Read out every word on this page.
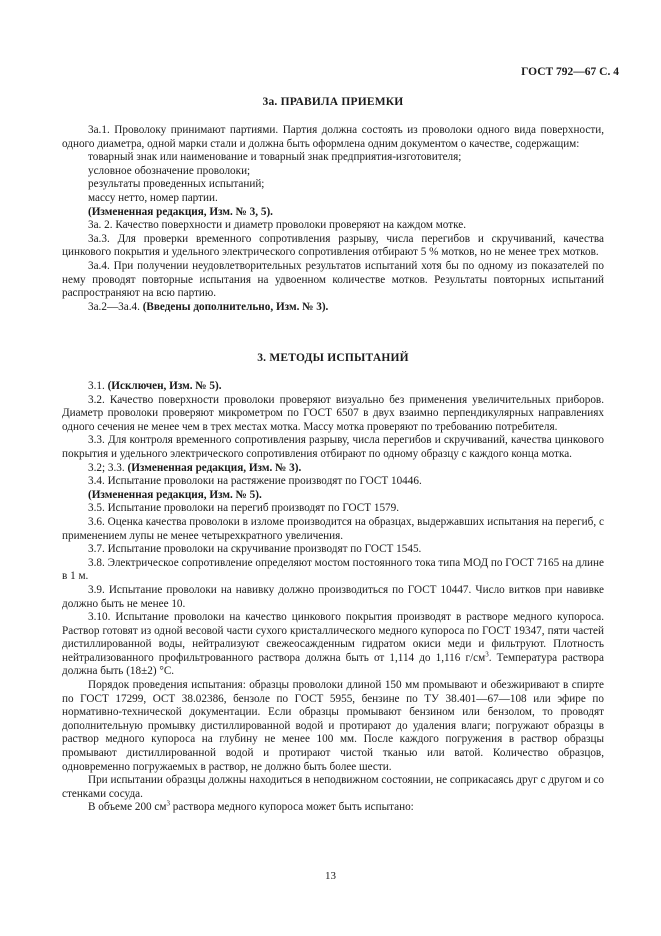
ГОСТ 792—67 С. 4
3а. ПРАВИЛА ПРИЕМКИ

3а.1. Проволоку принимают партиями. Партия должна состоять из проволоки одного вида поверхности, одного диаметра, одной марки стали и должна быть оформлена одним документом о качестве, содержащим:

товарный знак или наименование и товарный знак предприятия-изготовителя;

условное обозначение проволоки;

результаты проведенных испытаний;

массу нетто, номер партии.

(Измененная редакция, Изм. № 3, 5).

3а. 2. Качество поверхности и диаметр проволоки проверяют на каждом мотке.

3а.3. Для проверки временного сопротивления разрыву, числа перегибов и скручиваний, качества цинкового покрытия и удельного электрического сопротивления отбирают 5 % мотков, но не менее трех мотков.

3а.4. При получении неудовлетворительных результатов испытаний хотя бы по одному из показателей по нему проводят повторные испытания на удвоенном количестве мотков. Результаты повторных испытаний распространяют на всю партию.

3а.2—3а.4. (Введены дополнительно, Изм. № 3).

3. МЕТОДЫ ИСПЫТАНИЙ

3.1. (Исключен, Изм. № 5).

3.2. Качество поверхности проволоки проверяют визуально без применения увеличительных приборов. Диаметр проволоки проверяют микрометром по ГОСТ 6507 в двух взаимно перпендикулярных направлениях одного сечения не менее чем в трех местах мотка. Массу мотка проверяют по требованию потребителя.

3.3. Для контроля временного сопротивления разрыву, числа перегибов и скручиваний, качества цинкового покрытия и удельного электрического сопротивления отбирают по одному образцу с каждого конца мотка.

3.2; 3.3. (Измененная редакция, Изм. № 3).

3.4. Испытание проволоки на растяжение производят по ГОСТ 10446.

(Измененная редакция, Изм. № 5).

3.5. Испытание проволоки на перегиб производят по ГОСТ 1579.

3.6. Оценка качества проволоки в изломе производится на образцах, выдержавших испытания на перегиб, с применением лупы не менее четырехкратного увеличения.

3.7. Испытание проволоки на скручивание производят по ГОСТ 1545.

3.8. Электрическое сопротивление определяют мостом постоянного тока типа МОД по ГОСТ 7165 на длине в 1 м.

3.9. Испытание проволоки на навивку должно производиться по ГОСТ 10447. Число витков при навивке должно быть не менее 10.

3.10. Испытание проволоки на качество цинкового покрытия производят в растворе медного купороса. Раствор готовят из одной весовой части сухого кристаллического медного купороса по ГОСТ 19347, пяти частей дистиллированной воды, нейтрализуют свежеосажденным гидратом окиси меди и фильтруют. Плотность нейтрализованного профильтрованного раствора должна быть от 1,114 до 1,116 $г/см^3$. Температура раствора должна быть (18±2) °С.

Порядок проведения испытания: образцы проволоки длиной 150 мм промывают и обезжиривают в спирте по ГОСТ 17299, ОСТ 38.02386, бензоле по ГОСТ 5955, бензине по ТУ 38.401—67—108 или эфире по нормативно-технической документации. Если образцы промывают бензином или бензолом, то проводят дополнительную промывку дистиллированной водой и протирают до удаления влаги; погружают образцы в раствор медного купороса на глубину не менее 100 мм. После каждого погружения в раствор образцы промывают дистиллированной водой и протирают чистой тканью или ватой. Количество образцов, одновременно погружаемых в раствор, не должно быть более шести.

При испытании образцы должны находиться в неподвижном состоянии, не соприкасаясь друг с другом и со стенками сосуда.

В объеме 200 $см^3$ раствора медного купороса может быть испытано:

13
